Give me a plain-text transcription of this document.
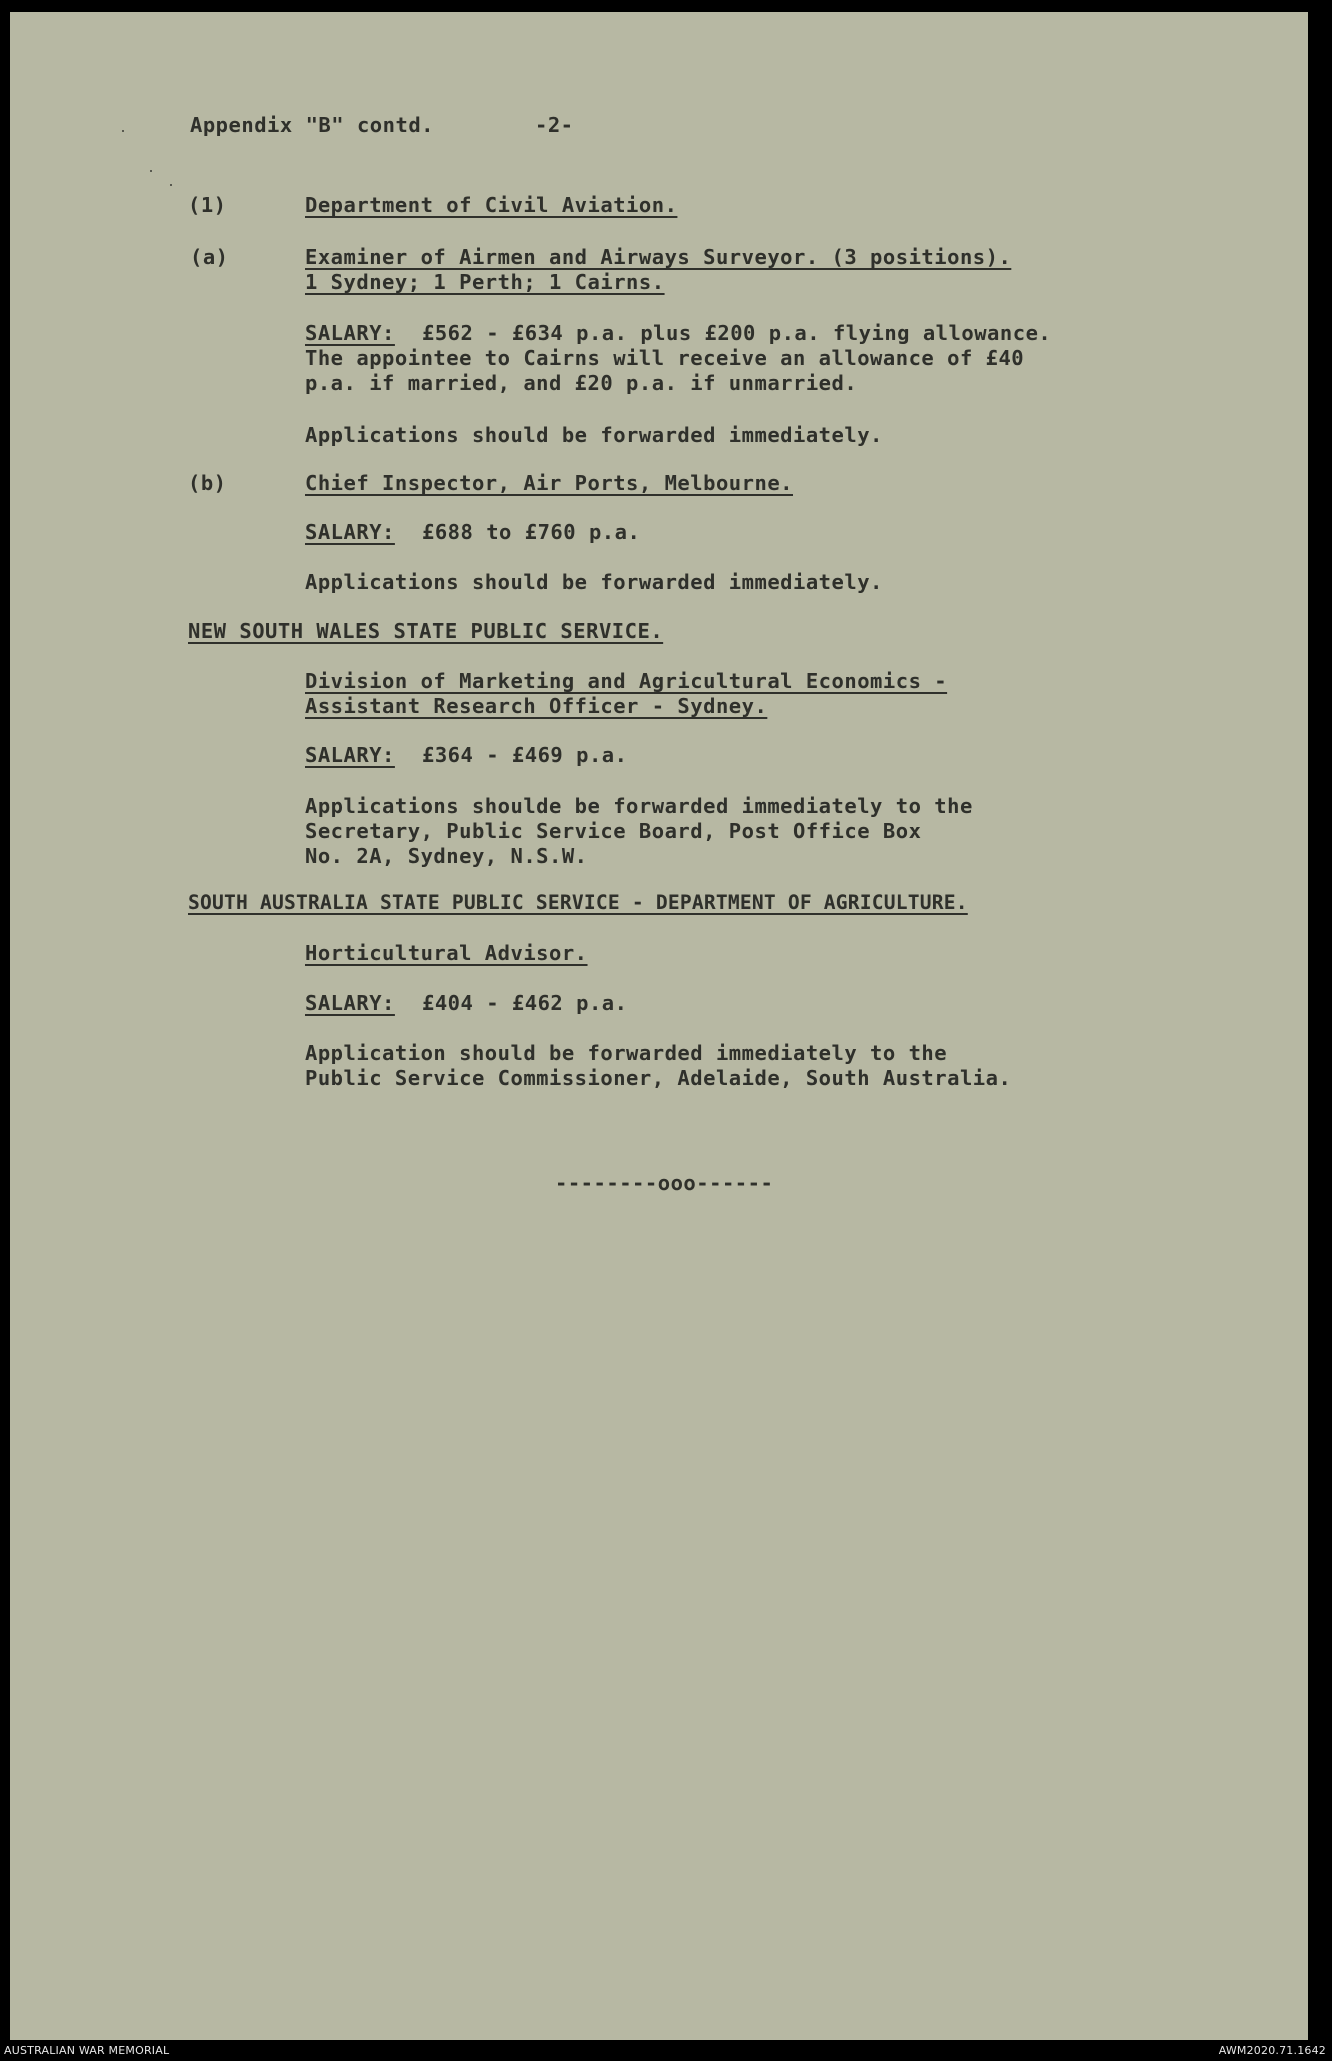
Appendix "B" contd.	-2-
(1)	Department of Civil Aviation.
(a)	Examiner of Airmen and Airways Surveyor. (3 positions).
1 Sydney; 1 Perth; 1 Cairns.
SALARY: £562 - £634 p.a. plus £200 p.a. flying allowance.
The appointee to Cairns will receive an allowance of £40
p.a. if married, and £20 p.a. if unmarried.
Applications should be forwarded immediately.
(b)	Chief Inspector, Air Ports, Melbourne.
SALARY: £688 to £760 p.a.
Applications should be forwarded immediately.
NEW SOUTH WALES STATE PUBLIC SERVICE.
Division of Marketing and Agricultural Economics -
Assistant Research Officer - Sydney.
SALARY: £364 - £469 p.a.
Applications shoulde be forwarded immediately to the
Secretary, Public Service Board, Post Office Box
No. 2A, Sydney, N.S.W.
SOUTH AUSTRALIA STATE PUBLIC SERVICE - DEPARTMENT OF AGRICULTURE.
Horticultural Advisor.
SALARY: £404 - £462 p.a.
Application should be forwarded immediately to the
Public Service Commissioner, Adelaide, South Australia.
--------ooo------
AUSTRALIAN WAR MEMORIAL	AWM2020.71.1642
